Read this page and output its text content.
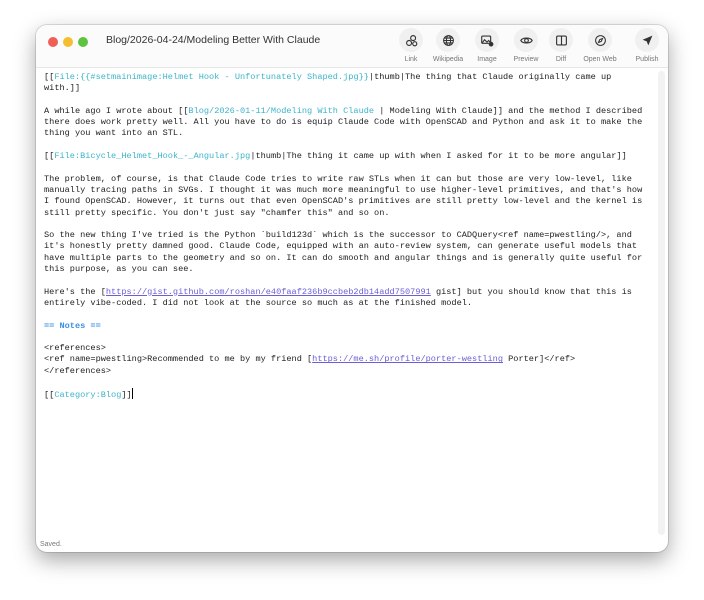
Blog/2026-04-24/Modeling Better With Claude
Link	Wikipedia	Image	Preview	Diff	Open Web	Publish
[[File:{{#setmainimage:Helmet Hook - Unfortunately Shaped.jpg}}|thumb|The thing that Claude originally came up
with.]]
A while ago I wrote about [[Blog/2026-01-11/Modeling With Claude | Modeling With Claude]] and the method I described
there does work pretty well. All you have to do is equip Claude Code with OpenSCAD and Python and ask it to make the
thing you want into an STL.
[[File:Bicycle_Helmet_Hook_-_Angular.jpg|thumb|The thing it came up with when I asked for it to be more angular]]
The problem, of course, is that Claude Code tries to write raw STLs when it can but those are very low-level, like
manually tracing paths in SVGs. I thought it was much more meaningful to use higher-level primitives, and that's how
I found OpenSCAD. However, it turns out that even OpenSCAD's primitives are still pretty low-level and the kernel is
still pretty specific. You don't just say "chamfer this" and so on.
So the new thing I've tried is the Python `build123d` which is the successor to CADQuery<ref name=pwestling/>, and
it's honestly pretty damned good. Claude Code, equipped with an auto-review system, can generate useful models that
have multiple parts to the geometry and so on. It can do smooth and angular things and is generally quite useful for
this purpose, as you can see.
Here's the [https://gist.github.com/roshan/e40faaf236b9ccbeb2db14add7507991 gist] but you should know that this is
entirely vibe-coded. I did not look at the source so much as at the finished model.
== Notes ==
<references>
<ref name=pwestling>Recommended to me by my friend [https://me.sh/profile/porter-westling Porter]</ref>
</references>
[[Category:Blog]]
Saved.
